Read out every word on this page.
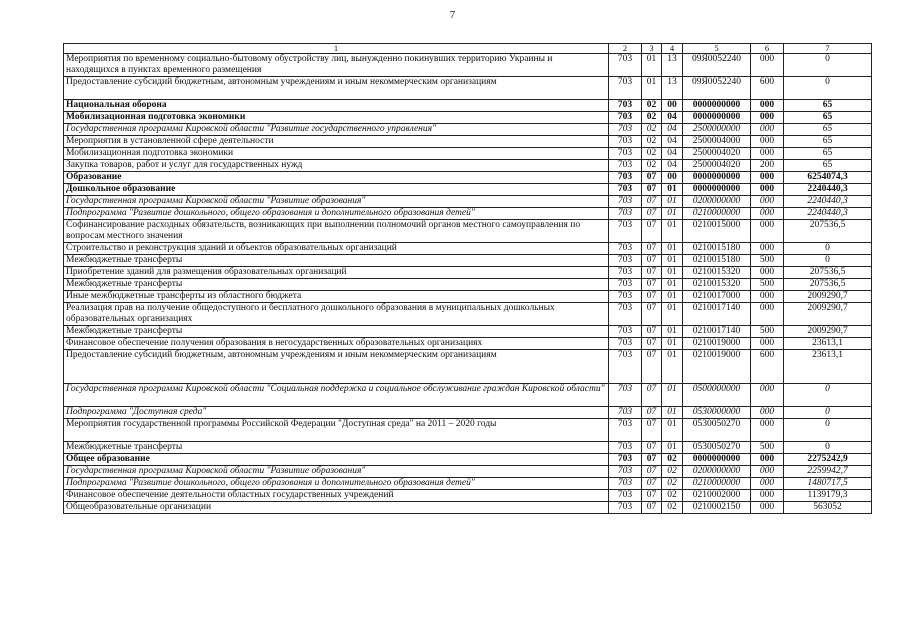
7
1	2	3	4	5	6	7
Мероприятия по временному социально-бытовому обустройству лиц, вынужденно покинувших территорию Украины и находящихся в пунктах временного размещения	703	01	13	09Я0052240	000	0
Предоставление субсидий бюджетным, автономным учреждениям и иным некоммерческим организациям	703	01	13	09Я0052240	600	0
Национальная оборона	703	02	00	0000000000	000	65
Мобилизационная подготовка экономики	703	02	04	0000000000	000	65
Государственная программа Кировской области "Развитие государственного управления"	703	02	04	2500000000	000	65
Мероприятия в установленной сфере деятельности	703	02	04	2500004000	000	65
Мобилизационная подготовка экономики	703	02	04	2500004020	000	65
Закупка товаров, работ и услуг для государственных нужд	703	02	04	2500004020	200	65
Образование	703	07	00	0000000000	000	6254074,3
Дошкольное образование	703	07	01	0000000000	000	2240440,3
Государственная программа Кировской области "Развитие образования"	703	07	01	0200000000	000	2240440,3
Подпрограмма "Развитие дошкольного, общего образования и дополнительного образования детей"	703	07	01	0210000000	000	2240440,3
Софинансирование расходных обязательств, возникающих при выполнении полномочий органов местного самоуправления по вопросам местного значения	703	07	01	0210015000	000	207536,5
Строительство и реконструкция зданий и объектов образовательных организаций	703	07	01	0210015180	000	0
Межбюджетные трансферты	703	07	01	0210015180	500	0
Приобретение зданий для размещения образовательных организаций	703	07	01	0210015320	000	207536,5
Межбюджетные трансферты	703	07	01	0210015320	500	207536,5
Иные межбюджетные трансферты из областного бюджета	703	07	01	0210017000	000	2009290,7
Реализация прав на получение общедоступного и бесплатного дошкольного образования в муниципальных дошкольных образовательных организациях	703	07	01	0210017140	000	2009290,7
Межбюджетные трансферты	703	07	01	0210017140	500	2009290,7
Финансовое обеспечение получения образования в негосударственных образовательных организациях	703	07	01	0210019000	000	23613,1
Предоставление субсидий бюджетным, автономным учреждениям и иным некоммерческим организациям	703	07	01	0210019000	600	23613,1
Государственная программа Кировской области "Социальная поддержка и социальное обслуживание граждан Кировской области"	703	07	01	0500000000	000	0
Подпрограмма "Доступная среда"	703	07	01	0530000000	000	0
Мероприятия государственной программы Российской Федерации "Доступная среда" на 2011 – 2020 годы	703	07	01	0530050270	000	0
Межбюджетные трансферты	703	07	01	0530050270	500	0
Общее образование	703	07	02	0000000000	000	2275242,9
Государственная программа Кировской области "Развитие образования"	703	07	02	0200000000	000	2259942,7
Подпрограмма "Развитие дошкольного, общего образования и дополнительного образования детей"	703	07	02	0210000000	000	1480717,5
Финансовое обеспечение деятельности областных государственных учреждений	703	07	02	0210002000	000	1139179,3
Общеобразовательные организации	703	07	02	0210002150	000	563052
